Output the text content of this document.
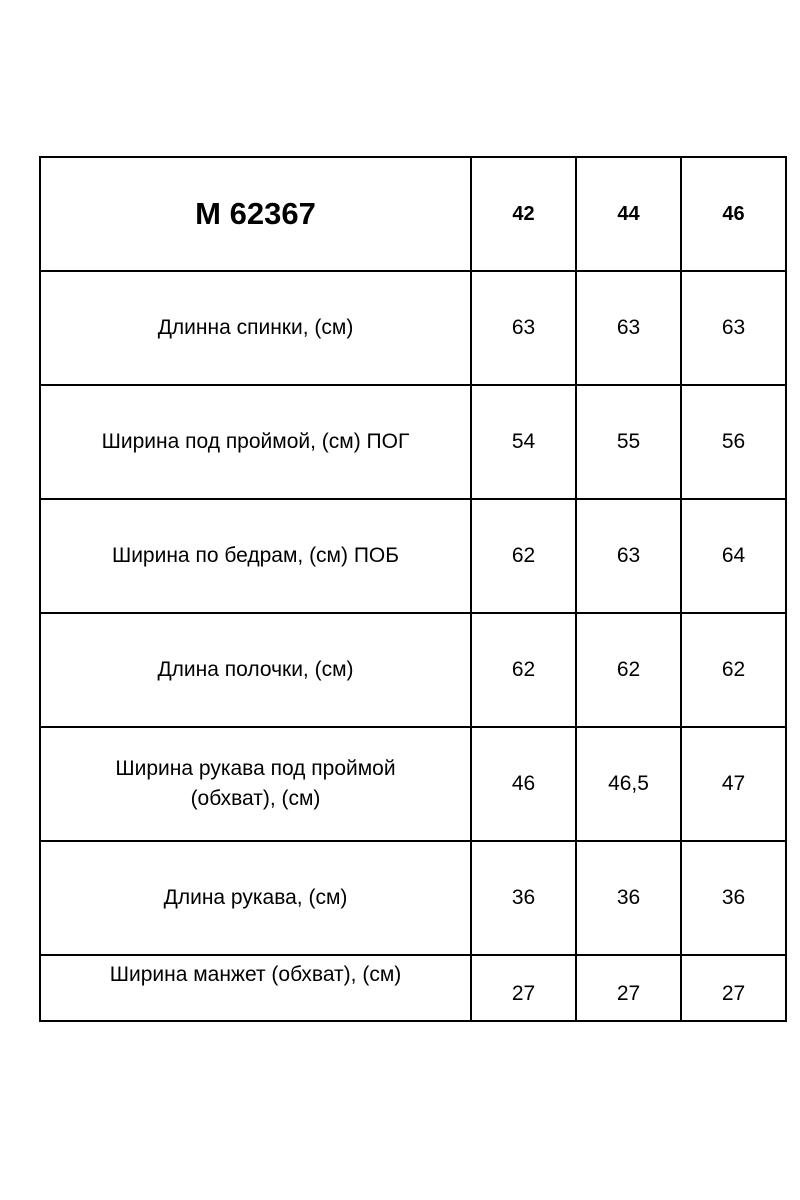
М 62367	42	44	46
Длинна спинки, (см)	63	63	63
Ширина под проймой, (см) ПОГ	54	55	56
Ширина по бедрам, (см) ПОБ	62	63	64
Длина полочки, (см)	62	62	62

Ширина рукава под проймой
(обхват), (см)	46	46,5	47
Длина рукава, (см)	36	36	36
Ширина манжет (обхват), (см)	27	27	27
